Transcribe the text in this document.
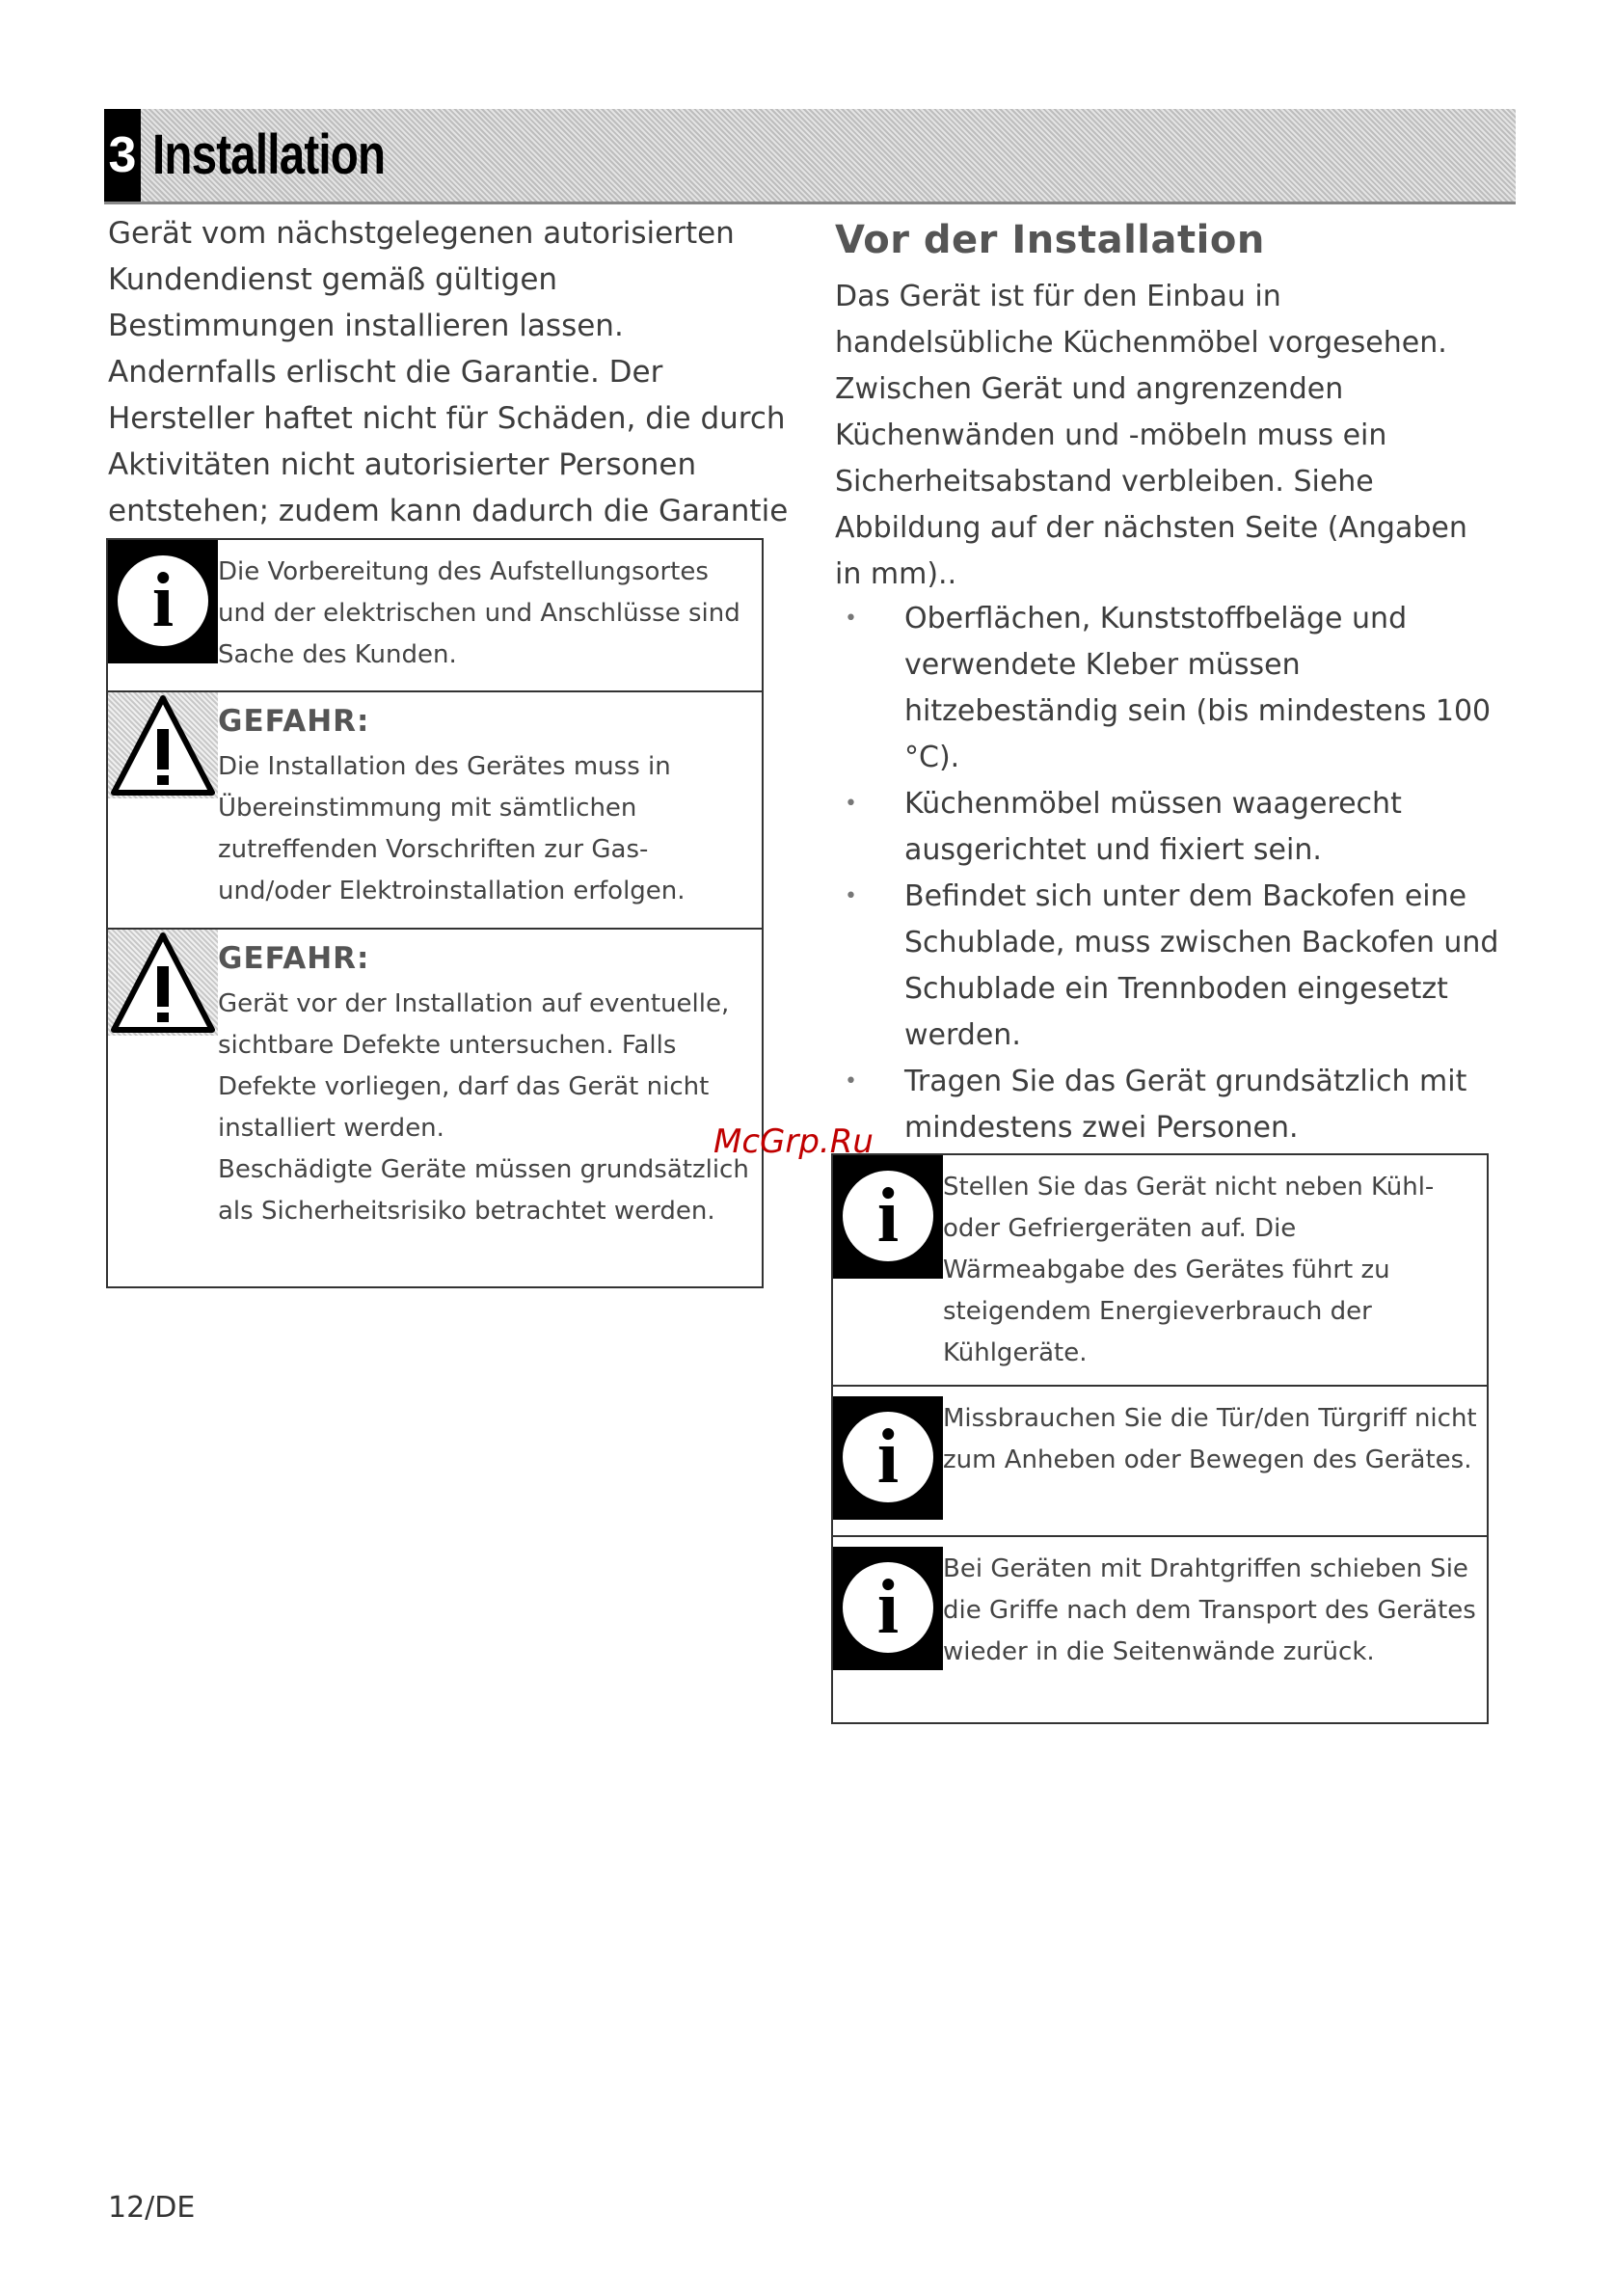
3 Installation
Gerät vom nächstgelegenen autorisierten Kundendienst gemäß gültigen Bestimmungen installieren lassen. Andernfalls erlischt die Garantie. Der Hersteller haftet nicht für Schäden, die durch Aktivitäten nicht autorisierter Personen entstehen; zudem kann dadurch die Garantie
i	Die Vorbereitung des Aufstellungsortes und der elektrischen und Anschlüsse sind Sache des Kunden.
GEFAHR:
Die Installation des Gerätes muss in Übereinstimmung mit sämtlichen zutreffenden Vorschriften zur Gas- und/oder Elektroinstallation erfolgen.
GEFAHR:
Gerät vor der Installation auf eventuelle, sichtbare Defekte untersuchen. Falls Defekte vorliegen, darf das Gerät nicht installiert werden.
Beschädigte Geräte müssen grundsätzlich als Sicherheitsrisiko betrachtet werden.
Vor der Installation
Das Gerät ist für den Einbau in handelsübliche Küchenmöbel vorgesehen. Zwischen Gerät und angrenzenden Küchenwänden und -möbeln muss ein Sicherheitsabstand verbleiben. Siehe Abbildung auf der nächsten Seite (Angaben in mm)..
• Oberflächen, Kunststoffbeläge und verwendete Kleber müssen hitzebeständig sein (bis mindestens 100 °C).
• Küchenmöbel müssen waagerecht ausgerichtet und fixiert sein.
• Befindet sich unter dem Backofen eine Schublade, muss zwischen Backofen und Schublade ein Trennboden eingesetzt werden.
• Tragen Sie das Gerät grundsätzlich mit mindestens zwei Personen.
i	Stellen Sie das Gerät nicht neben Kühl- oder Gefriergeräten auf. Die Wärmeabgabe des Gerätes führt zu steigendem Energieverbrauch der Kühlgeräte.
i	Missbrauchen Sie die Tür/den Türgriff nicht zum Anheben oder Bewegen des Gerätes.
i	Bei Geräten mit Drahtgriffen schieben Sie die Griffe nach dem Transport des Gerätes wieder in die Seitenwände zurück.
McGrp.Ru
12/DE
